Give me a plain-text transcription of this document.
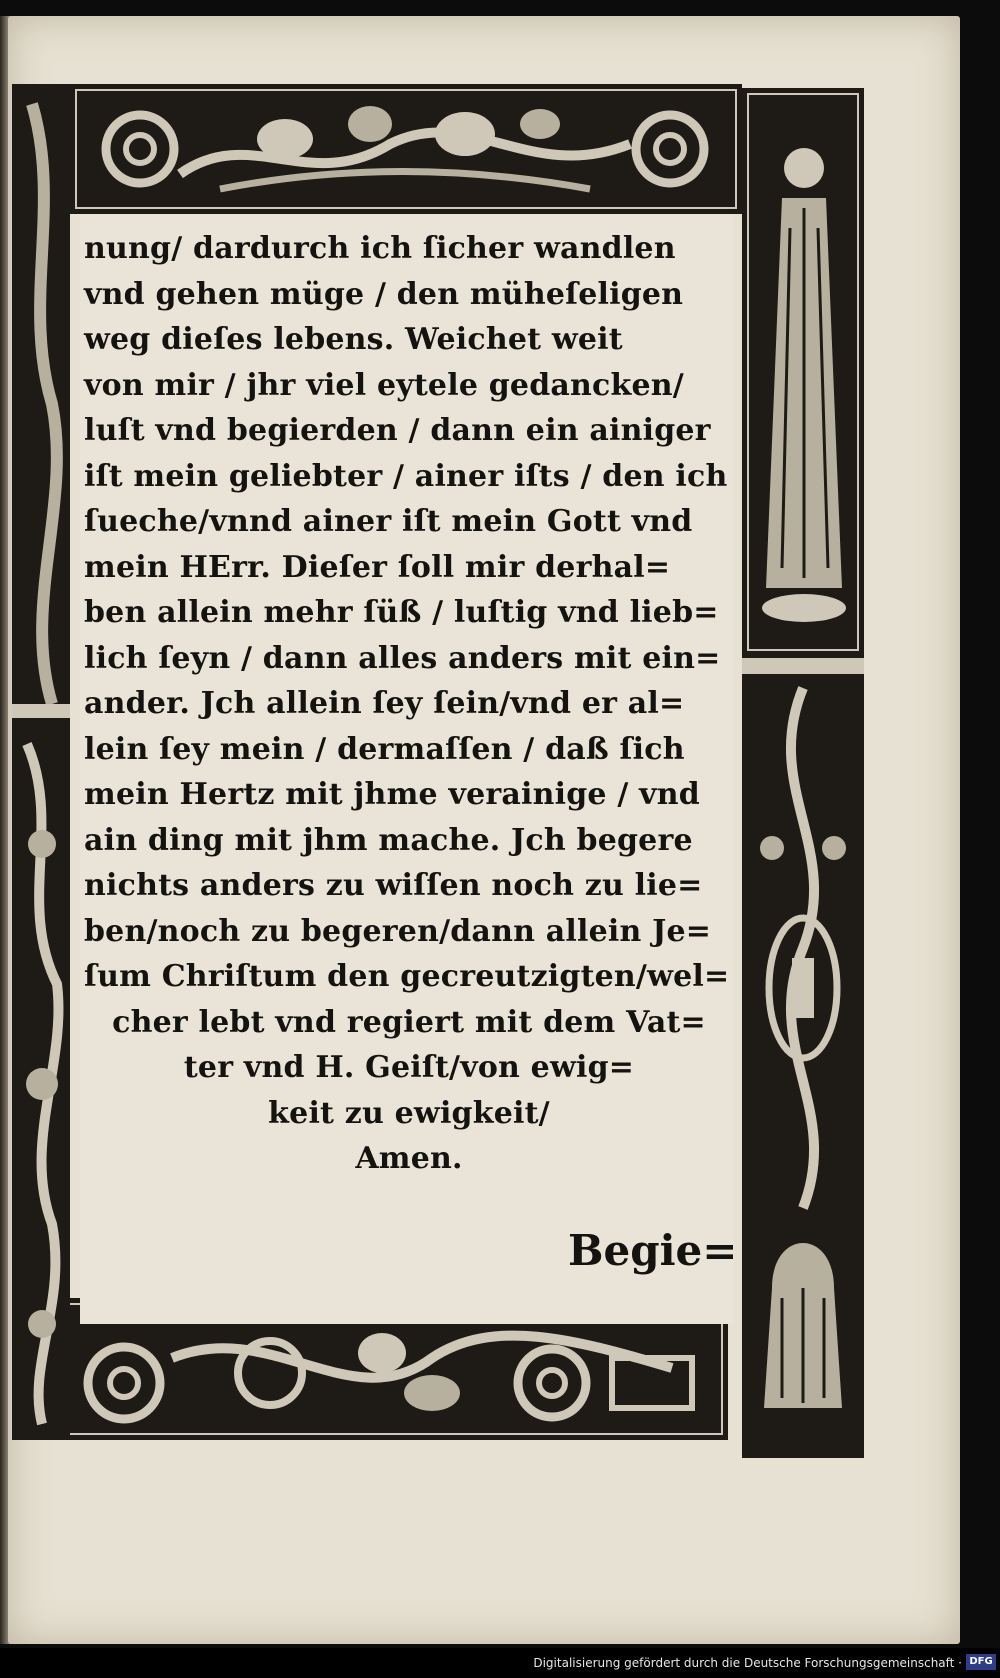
nung/ dardurch ich ſicher wandlen
vnd gehen müge / den müheſeligen
weg dieſes lebens. Weichet weit
von mir / jhr viel eytele gedancken/
luſt vnd begierden / dann ein ainiger
iſt mein geliebter / ainer iſts / den ich
ſueche/vnnd ainer iſt mein Gott vnd
mein HErr. Dieſer ſoll mir derhal=
ben allein mehr ſüß / luſtig vnd lieb=
lich ſeyn / dann alles anders mit ein=
ander. Jch allein ſey ſein/vnd er al=
lein ſey mein / dermaſſen / daß ſich
mein Hertz mit jhme verainige / vnd
ain ding mit jhm mache. Jch begere
nichts anders zu wiſſen noch zu lie=
ben/noch zu begeren/dann allein Je=
ſum Chriſtum den gecreutzigten/wel=
cher lebt vnd regiert mit dem Vat=
ter vnd H. Geiſt/von ewig=
keit zu ewigkeit/
Amen.
Begie=
Digitalisierung gefördert durch die Deutsche Forschungsgemeinschaft · DFG
